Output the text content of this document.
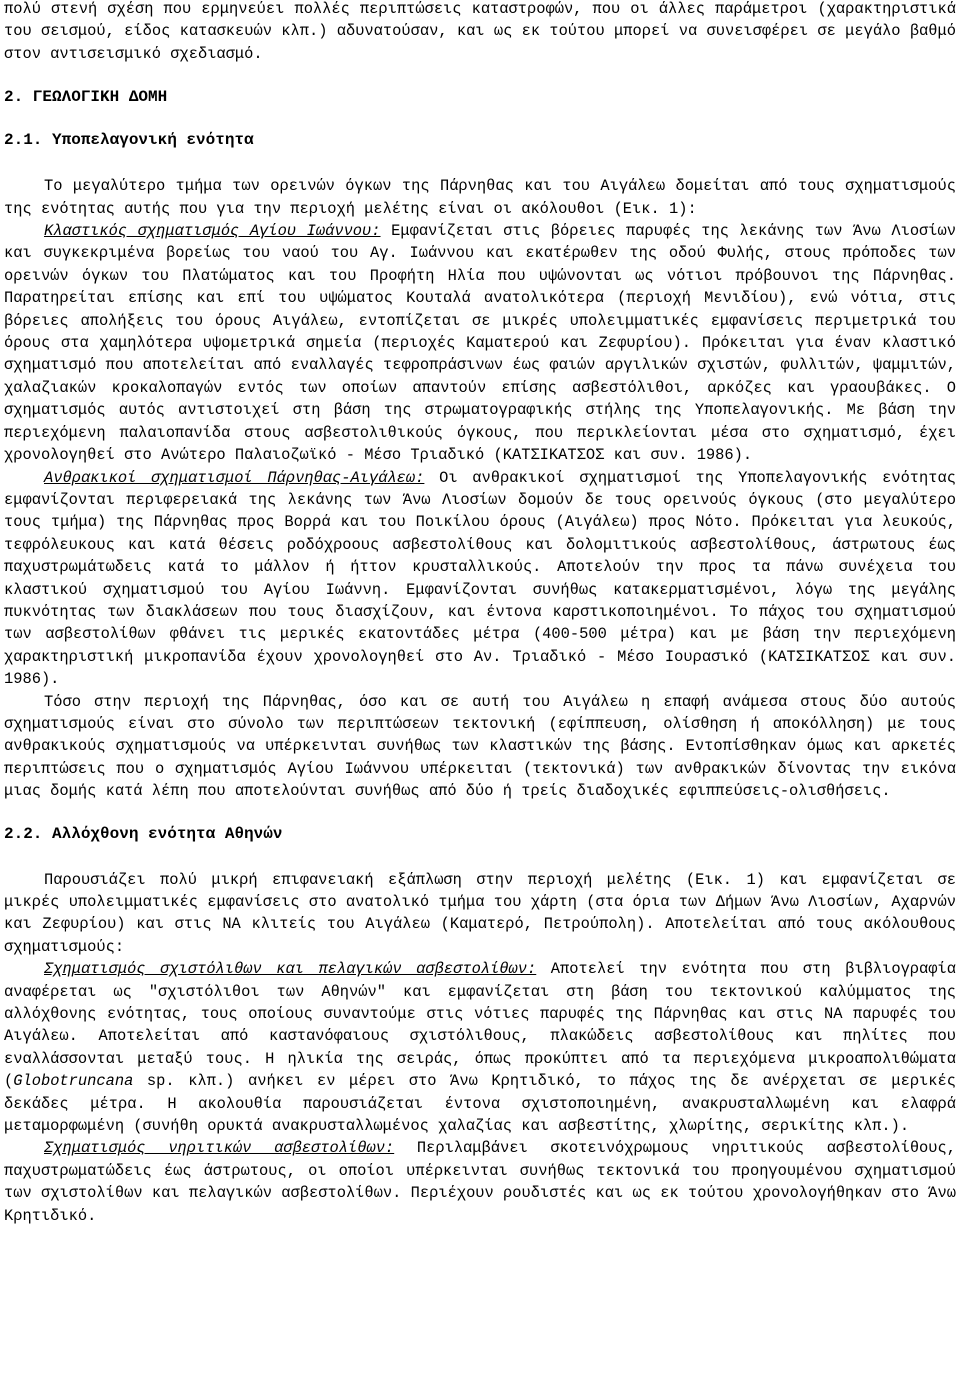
πολύ στενή σχέση που ερμηνεύει πολλές περιπτώσεις καταστροφών, που οι άλλες παράμετροι (χαρακτηριστικά του σεισμού, είδος κατασκευών κλπ.) αδυνατούσαν, και ως εκ τούτου μπορεί να συνεισφέρει σε μεγάλο βαθμό στον αντισεισμικό σχεδιασμό.

2. ΓΕΩΛΟΓΙΚΗ ΔΟΜΗ
2.1. Υποπελαγονική ενότητα

Το μεγαλύτερο τμήμα των ορεινών όγκων της Πάρνηθας και του Αιγάλεω δομείται από τους σχηματισμούς της ενότητας αυτής που για την περιοχή μελέτης είναι οι ακόλουθοι (Εικ. 1):

Κλαστικός σχηματισμός Αγίου Ιωάννου: Εμφανίζεται στις βόρειες παρυφές της λεκάνης των Άνω Λιοσίων και συγκεκριμένα βορείως του ναού του Αγ. Ιωάννου και εκατέρωθεν της οδού Φυλής, στους πρόποδες των ορεινών όγκων του Πλατώματος και του Προφήτη Ηλία που υψώνονται ως νότιοι πρόβουνοι της Πάρνηθας. Παρατηρείται επίσης και επί του υψώματος Κουταλά ανατολικότερα (περιοχή Μενιδίου), ενώ νότια, στις βόρειες απολήξεις του όρους Αιγάλεω, εντοπίζεται σε μικρές υπολειμματικές εμφανίσεις περιμετρικά του όρους στα χαμηλότερα υψομετρικά σημεία (περιοχές Καματερού και Ζεφυρίου). Πρόκειται για έναν κλαστικό σχηματισμό που αποτελείται από εναλλαγές τεφροπράσινων έως φαιών αργιλικών σχιστών, φυλλιτών, ψαμμιτών, χαλαζιακών κροκαλοπαγών εντός των οποίων απαντούν επίσης ασβεστόλιθοι, αρκόζες και γραουβάκες. Ο σχηματισμός αυτός αντιστοιχεί στη βάση της στρωματογραφικής στήλης της Υποπελαγονικής. Με βάση την περιεχόμενη παλαιοπανίδα στους ασβεστολιθικούς όγκους, που περικλείονται μέσα στο σχηματισμό, έχει χρονολογηθεί στο Ανώτερο Παλαιοζωϊκό - Μέσο Τριαδικό (ΚΑΤΣΙΚΑΤΣΟΣ και συν. 1986).

Ανθρακικοί σχηματισμοί Πάρνηθας-Αιγάλεω: Οι ανθρακικοί σχηματισμοί της Υποπελαγονικής ενότητας εμφανίζονται περιφερειακά της λεκάνης των Άνω Λιοσίων δομούν δε τους ορεινούς όγκους (στο μεγαλύτερο τους τμήμα) της Πάρνηθας προς Βορρά και του Ποικίλου όρους (Αιγάλεω) προς Νότο. Πρόκειται για λευκούς, τεφρόλευκους και κατά θέσεις ροδόχροους ασβεστολίθους και δολομιτικούς ασβεστολίθους, άστρωτους έως παχυστρωμάτωδεις κατά το μάλλον ή ήττον κρυσταλλικούς. Αποτελούν την προς τα πάνω συνέχεια του κλαστικού σχηματισμού του Αγίου Ιωάννη. Εμφανίζονται συνήθως κατακερματισμένοι, λόγω της μεγάλης πυκνότητας των διακλάσεων που τους διασχίζουν, και έντονα καρστικοποιημένοι. Το πάχος του σχηματισμού των ασβεστολίθων φθάνει τις μερικές εκατοντάδες μέτρα (400-500 μέτρα) και με βάση την περιεχόμενη χαρακτηριστική μικροπανίδα έχουν χρονολογηθεί στο Αν. Τριαδικό - Μέσο Ιουρασικό (ΚΑΤΣΙΚΑΤΣΟΣ και συν. 1986).

Τόσο στην περιοχή της Πάρνηθας, όσο και σε αυτή του Αιγάλεω η επαφή ανάμεσα στους δύο αυτούς σχηματισμούς είναι στο σύνολο των περιπτώσεων τεκτονική (εφίππευση, ολίσθηση ή αποκόλληση) με τους ανθρακικούς σχηματισμούς να υπέρκεινται συνήθως των κλαστικών της βάσης. Εντοπίσθηκαν όμως και αρκετές περιπτώσεις που ο σχηματισμός Αγίου Ιωάννου υπέρκειται (τεκτονικά) των ανθρακικών δίνοντας την εικόνα μιας δομής κατά λέπη που αποτελούνται συνήθως από δύο ή τρείς διαδοχικές εφιππεύσεις-ολισθήσεις.

2.2. Αλλόχθονη ενότητα Αθηνών

Παρουσιάζει πολύ μικρή επιφανειακή εξάπλωση στην περιοχή μελέτης (Εικ. 1) και εμφανίζεται σε μικρές υπολειμματικές εμφανίσεις στο ανατολικό τμήμα του χάρτη (στα όρια των Δήμων Άνω Λιοσίων, Αχαρνών και Ζεφυρίου) και στις ΝΑ κλιτείς του Αιγάλεω (Καματερό, Πετρούπολη). Αποτελείται από τους ακόλουθους σχηματισμούς:

Σχηματισμός σχιστόλιθων και πελαγικών ασβεστολίθων: Αποτελεί την ενότητα που στη βιβλιογραφία αναφέρεται ως "σχιστόλιθοι των Αθηνών" και εμφανίζεται στη βάση του τεκτονικού καλύμματος της αλλόχθονης ενότητας, τους οποίους συναντούμε στις νότιες παρυφές της Πάρνηθας και στις ΝΑ παρυφές του Αιγάλεω. Αποτελείται από καστανόφαιους σχιστόλιθους, πλακώδεις ασβεστολίθους και πηλίτες που εναλλάσσονται μεταξύ τους. Η ηλικία της σειράς, όπως προκύπτει από τα περιεχόμενα μικροαπολιθώματα (Globotruncana sp. κλπ.) ανήκει εν μέρει στο Άνω Κρητιδικό, το πάχος της δε ανέρχεται σε μερικές δεκάδες μέτρα. Η ακολουθία παρουσιάζεται έντονα σχιστοποιημένη, ανακρυσταλλωμένη και ελαφρά μεταμορφωμένη (συνήθη ορυκτά ανακρυσταλλωμένος χαλαζίας και ασβεστίτης, χλωρίτης, σερικίτης κλπ.).

Σχηματισμός νηριτικών ασβεστολίθων: Περιλαμβάνει σκοτεινόχρωμους νηριτικούς ασβεστολίθους, παχυστρωματώδεις έως άστρωτους, οι οποίοι υπέρκεινται συνήθως τεκτονικά του προηγουμένου σχηματισμού των σχιστολίθων και πελαγικών ασβεστολίθων. Περιέχουν ρουδιστές και ως εκ τούτου χρονολογήθηκαν στο Άνω Κρητιδικό.
